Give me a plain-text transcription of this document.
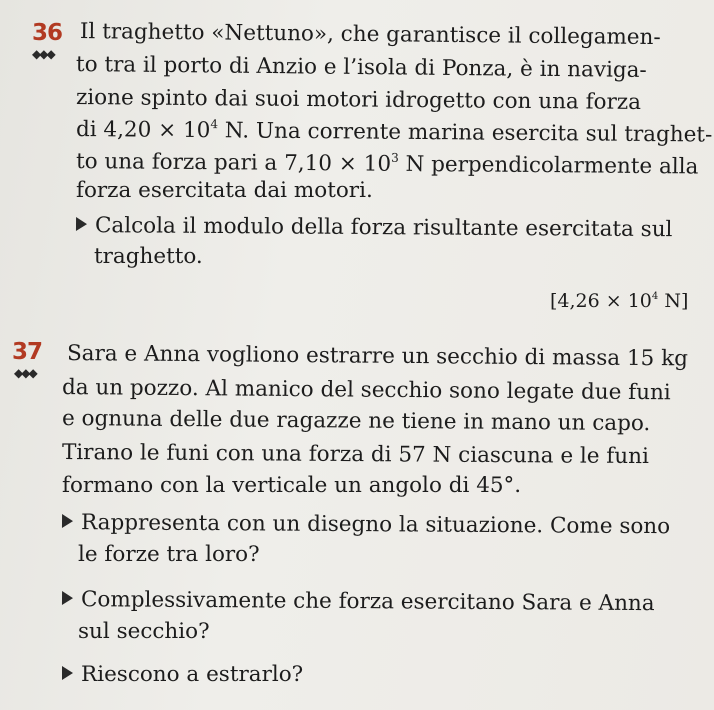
36
◆◆◆
Il traghetto «Nettuno», che garantisce il collegamen-
to tra il porto di Anzio e l’isola di Ponza, è in naviga-
zione spinto dai suoi motori idrogetto con una forza
di $4,20 \times 10^4$ N. Una corrente marina esercita sul traghet-
to una forza pari a $7,10 \times 10^3$ N perpendicolarmente alla
forza esercitata dai motori.
Calcola il modulo della forza risultante esercitata sul
traghetto.
[$4,26 \times 10^4$ N]
37
◆◆◆
Sara e Anna vogliono estrarre un secchio di massa 15 kg
da un pozzo. Al manico del secchio sono legate due funi
e ognuna delle due ragazze ne tiene in mano un capo.
Tirano le funi con una forza di 57 N ciascuna e le funi
formano con la verticale un angolo di 45°.
Rappresenta con un disegno la situazione. Come sono
le forze tra loro?
Complessivamente che forza esercitano Sara e Anna
sul secchio?
Riescono a estrarlo?
